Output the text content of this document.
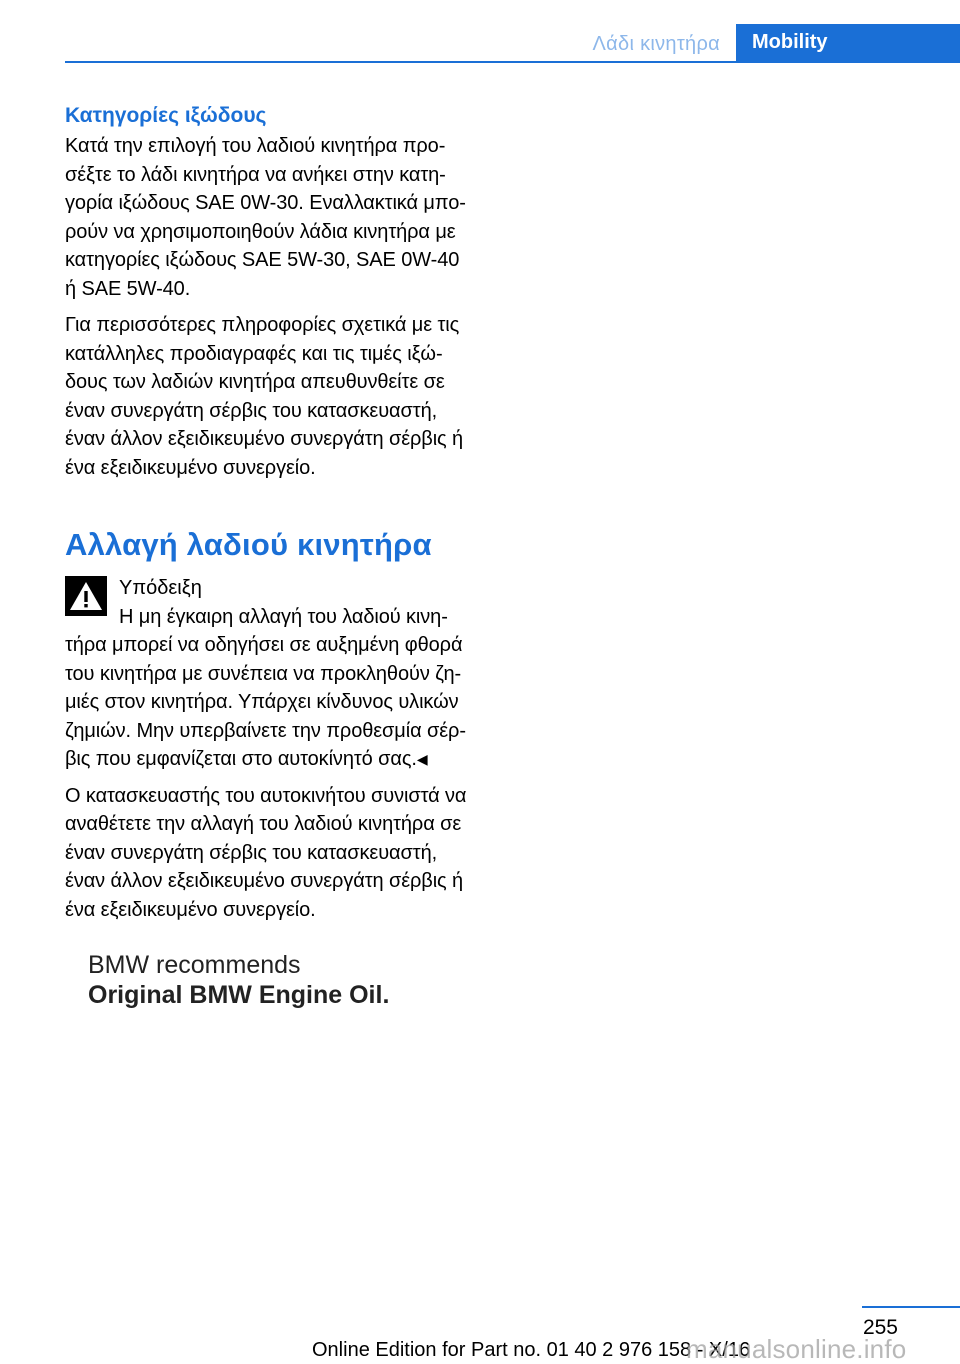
Λάδι κινητήρα	Mobility
Κατηγορίες ιξώδους

Κατά την επιλογή του λαδιού κινητήρα προ‐
σέξτε το λάδι κινητήρα να ανήκει στην κατη‐
γορία ιξώδους SAE 0W-30. Εναλλακτικά μπο‐
ρούν να χρησιμοποιηθούν λάδια κινητήρα με
κατηγορίες ιξώδους SAE 5W-30, SAE 0W-40
ή SAE 5W-40.

Για περισσότερες πληροφορίες σχετικά με τις
κατάλληλες προδιαγραφές και τις τιμές ιξώ‐
δους των λαδιών κινητήρα απευθυνθείτε σε
έναν συνεργάτη σέρβις του κατασκευαστή,
έναν άλλον εξειδικευμένο συνεργάτη σέρβις ή
ένα εξειδικευμένο συνεργείο.

Αλλαγή λαδιού κινητήρα
Υπόδειξη
Η μη έγκαιρη αλλαγή του λαδιού κινη‐
τήρα μπορεί να οδηγήσει σε αυξημένη φθορά
του κινητήρα με συνέπεια να προκληθούν ζη‐
μιές στον κινητήρα. Υπάρχει κίνδυνος υλικών
ζημιών. Μην υπερβαίνετε την προθεσμία σέρ‐
βις που εμφανίζεται στο αυτοκίνητό σας.◀

Ο κατασκευαστής του αυτοκινήτου συνιστά να
αναθέτετε την αλλαγή του λαδιού κινητήρα σε
έναν συνεργάτη σέρβις του κατασκευαστή,
έναν άλλον εξειδικευμένο συνεργάτη σέρβις ή
ένα εξειδικευμένο συνεργείο.

BMW recommends
Original BMW Engine Oil.
255
Online Edition for Part no. 01 40 2 976 158 - X/16
manualsonline.info
